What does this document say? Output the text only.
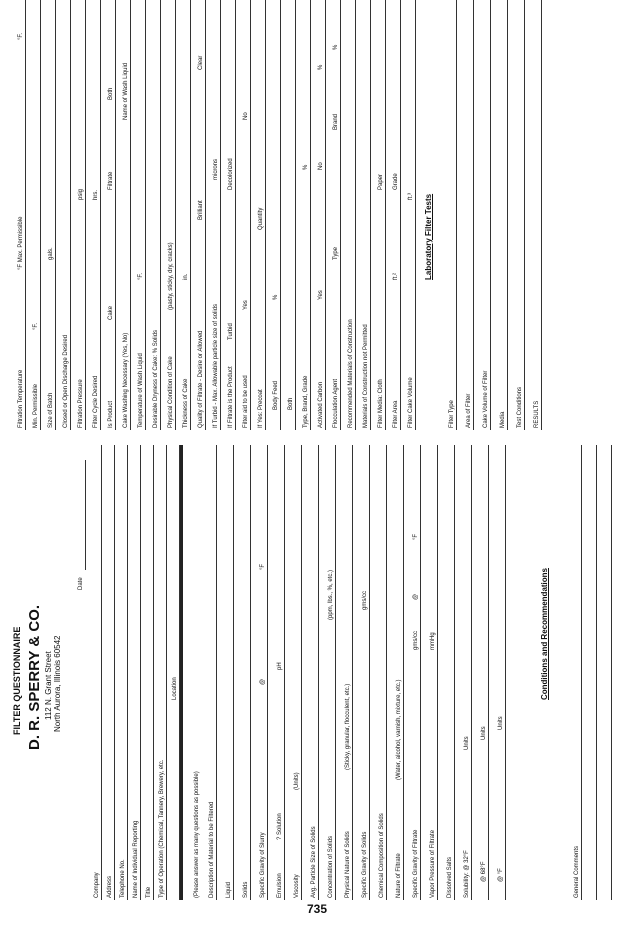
FILTER QUESTIONNAIRE D. R. SPERRY & CO. 112 N. Grant Street North Aurora, Illinois 60542
Date
Company Address Telephone No. Name of Individual Reporting Title Type of Operation (Chemical, Tannery, Brewery, etc.
Location
(Please answer as many questions as possible) Description of Material to be Filtered Liquid Solids Specific Gravity of Slurry
@
°F
Emulsion
? Solution
pH
Viscosity
(Units)
Avg. Particle Size of Solids Concentration of Solids
(ppm, lbs., %, etc.)
Physical Nature of Solids
(Sticky, granular, flocculent, etc.)
Specific Gravity of Solids
gms/cc
Chemical Composition of Solids Nature of Filtrate
(Water, alcohol, varnish, mixture, etc.)
Specific Gravity of Filtrate
gms/cc
@
°F
Vapor Pressure of Filtrate
mmHg
Dissolved Salts Solubility: @ 32°F
Units
@ 68°F
Units
@ °F
Units
Conditions and Recommendations
General Comments
Filtration Temperature
°F Max. Permissible
°F.
Min. Permissible
°F.
Size of Batch
gals.
Closed or Open Discharge Desired Filtration Pressure
psig
Filter Cycle Desired
hrs.
Is Product
Cake
Filtrate
Both
Cake Washing Necessary (Yes, No)
Name of Wash Liquid
Temperature of Wash Liquid
°F.
Desirable Dryness of Cake: % Solids Physical Condition of Cake
(pasty, sticky, dry, cracks)
Thickness of Cake
in.
Quality of Filtrate - Desire or Allowed
Brilliant
Clear
If Turbid - Max. Allowable particle size of solids
microns
If Filtrate is the Product
Turbid
Decolorized
Filter aid to be used
Yes
No
If Yes: Precoat
Quantity
Body Feed
%
Both Type, Brand, Grade
%
Activated Carbon
Yes
No
%
Flocculation Agent
Type
Brand
%
Recommended Materials of Construction Materials of Construction not Permitted Filter Media: Cloth
Paper
Filter Area
Grade
ft.²
Filter Cake Volume
ft.³ Laboratory Filter Tests
Filter Type Area of Filter Cake Volume of Filter Media Test Conditions RESULTS
735
